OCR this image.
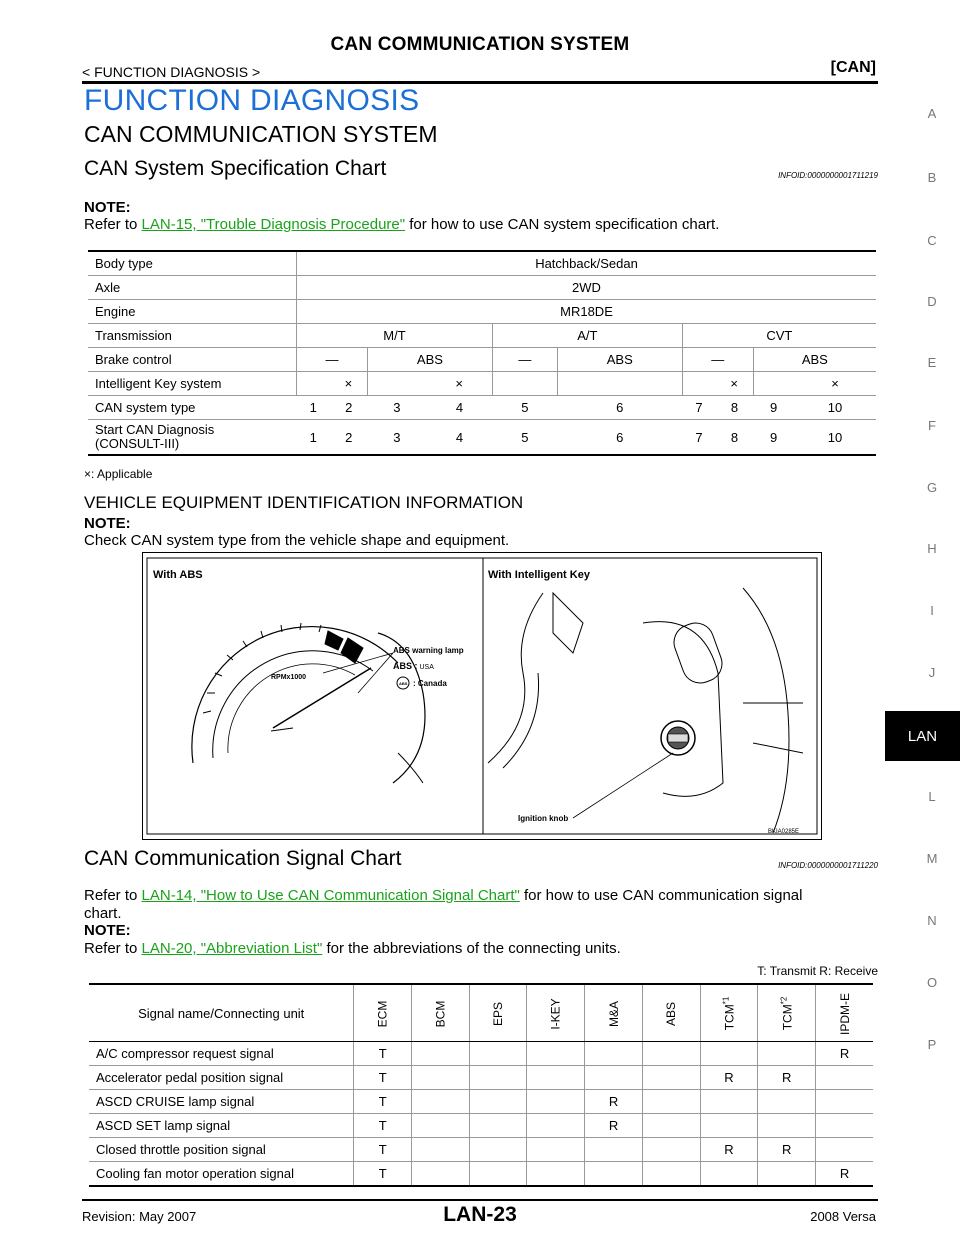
CAN COMMUNICATION SYSTEM
< FUNCTION DIAGNOSIS >	[CAN]
FUNCTION DIAGNOSIS
CAN COMMUNICATION SYSTEM
CAN System Specification Chart	INFOID:0000000001711219
NOTE:
Refer to LAN-15, "Trouble Diagnosis Procedure" for how to use CAN system specification chart.
Body type	Hatchback/Sedan									
Axle	2WD									
Engine	MR18DE									
Transmission	M/T				A/T		CVT			
Brake control	—		ABS		—	ABS	—		ABS	
Intelligent Key system		×		×				×		×
CAN system type	1	2	3	4	5	6	7	8	9	10
Start CAN Diagnosis
(CONSULT-III)	1	2	3	4	5	6	7	8	9	10
×: Applicable
VEHICLE EQUIPMENT IDENTIFICATION INFORMATION
NOTE:
Check CAN system type from the vehicle shape and equipment.
With ABS	With Intelligent Key
RPMx1000
ABS warning lamp
ABS : USA
ABS : Canada
Ignition knob
BKIA0285E
CAN Communication Signal Chart	INFOID:0000000001711220
Refer to LAN-14, "How to Use CAN Communication Signal Chart" for how to use CAN communication signal
chart.
NOTE:
Refer to LAN-20, "Abbreviation List" for the abbreviations of the connecting units.
T: Transmit R: Receive
Signal name/Connecting unit	ECM	BCM	EPS	I-KEY	M&A	ABS	TCM$^{*1}$	TCM$^{*2}$	IPDM-E
A/C compressor request signal	T								R
Accelerator pedal position signal	T						R	R	
ASCD CRUISE lamp signal	T				R				
ASCD SET lamp signal	T				R				
Closed throttle position signal	T						R	R	
Cooling fan motor operation signal	T								R
A
B
C
D
E
F
G
H
I
J
LAN
L
M
N
O
P
Revision: May 2007	LAN-23	2008 Versa
